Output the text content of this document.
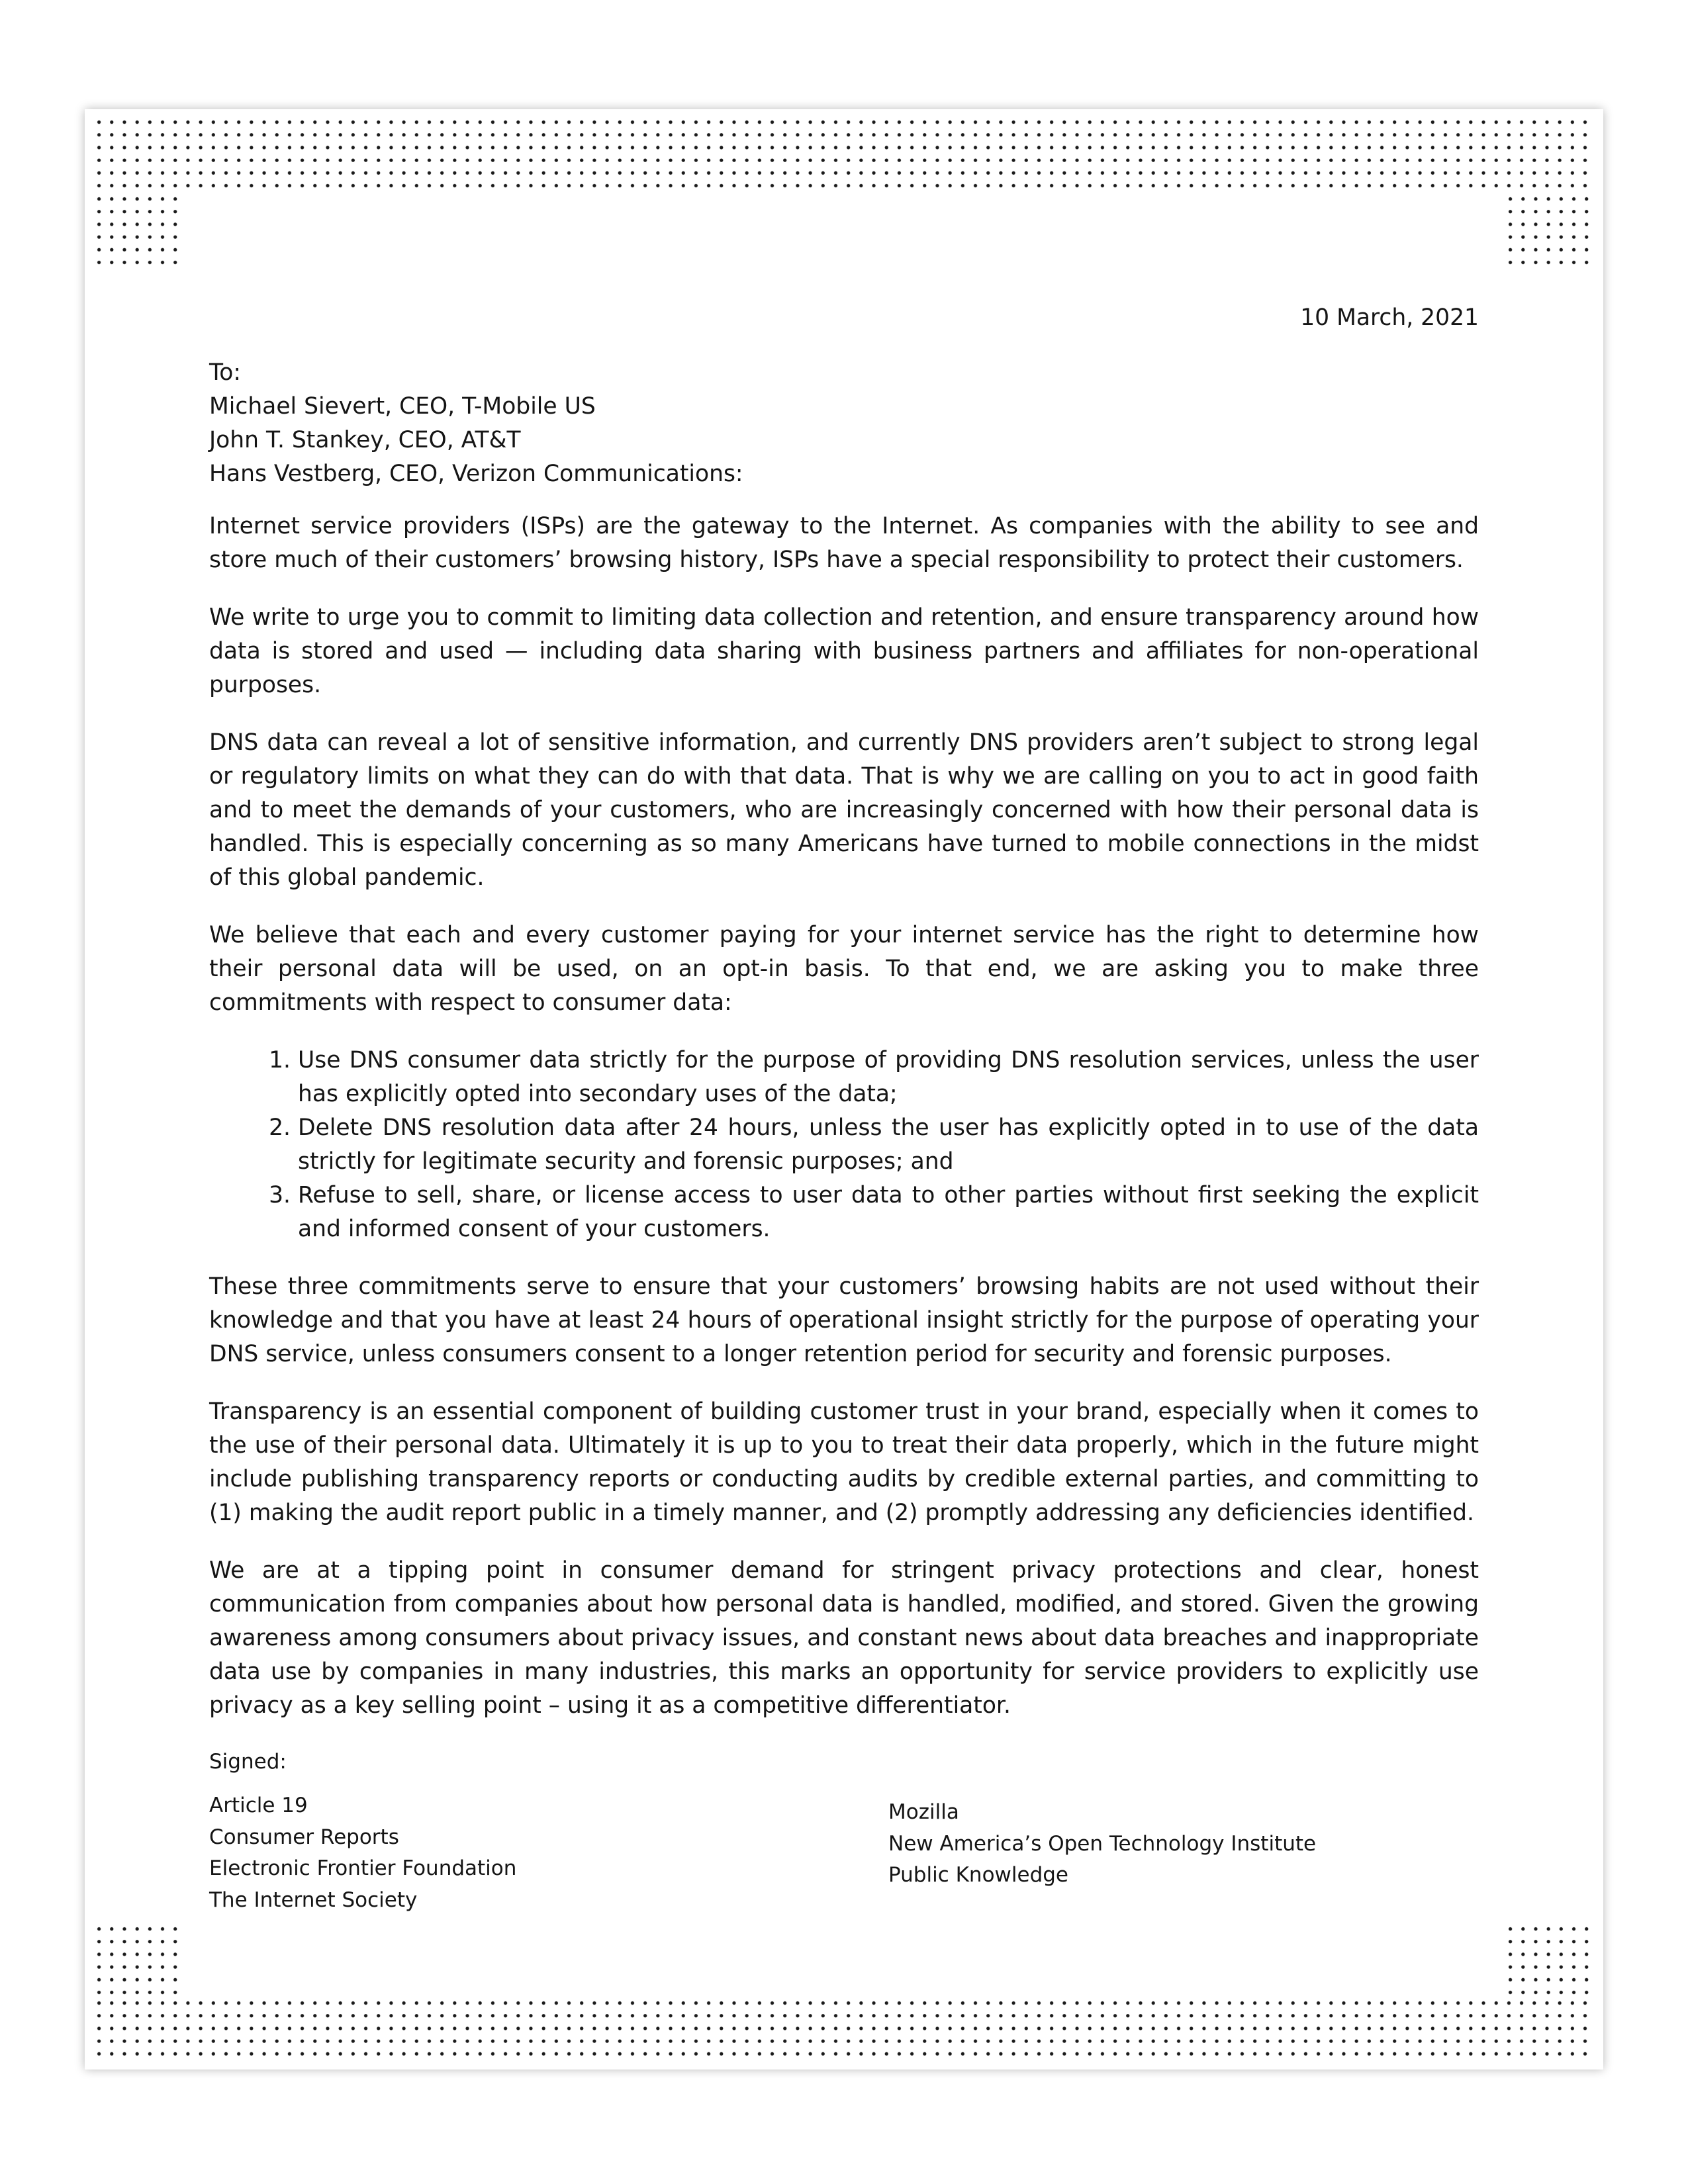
10 March, 2021

To:

Michael Sievert, CEO, T-Mobile US

John T. Stankey, CEO, AT&T

Hans Vestberg, CEO, Verizon Communications:

Internet service providers (ISPs) are the gateway to the Internet. As companies with the ability to see and store much of their customers’ browsing history, ISPs have a special responsibility to protect their customers.

We write to urge you to commit to limiting data collection and retention, and ensure transparency around how data is stored and used — including data sharing with business partners and affiliates for non-operational purposes.

DNS data can reveal a lot of sensitive information, and currently DNS providers aren’t subject to strong legal or regulatory limits on what they can do with that data. That is why we are calling on you to act in good faith and to meet the demands of your customers, who are increasingly concerned with how their personal data is handled. This is especially concerning as so many Americans have turned to mobile connections in the midst of this global pandemic.

We believe that each and every customer paying for your internet service has the right to determine how their personal data will be used, on an opt-in basis. To that end, we are asking you to make three commitments with respect to consumer data:

1. Use DNS consumer data strictly for the purpose of providing DNS resolution services, unless the user has explicitly opted into secondary uses of the data;
2. Delete DNS resolution data after 24 hours, unless the user has explicitly opted in to use of the data strictly for legitimate security and forensic purposes; and
3. Refuse to sell, share, or license access to user data to other parties without first seeking the explicit and informed consent of your customers.

These three commitments serve to ensure that your customers’ browsing habits are not used without their knowledge and that you have at least 24 hours of operational insight strictly for the purpose of operating your DNS service, unless consumers consent to a longer retention period for security and forensic purposes.

Transparency is an essential component of building customer trust in your brand, especially when it comes to the use of their personal data. Ultimately it is up to you to treat their data properly, which in the future might include publishing transparency reports or conducting audits by credible external parties, and committing to (1) making the audit report public in a timely manner, and (2) promptly addressing any deficiencies identified.

We are at a tipping point in consumer demand for stringent privacy protections and clear, honest communication from companies about how personal data is handled, modified, and stored. Given the growing awareness among consumers about privacy issues, and constant news about data breaches and inappropriate data use by companies in many industries, this marks an opportunity for service providers to explicitly use privacy as a key selling point – using it as a competitive differentiator.

Signed:

Article 19

Consumer Reports

Electronic Frontier Foundation

The Internet Society

Mozilla

New America’s Open Technology Institute

Public Knowledge
